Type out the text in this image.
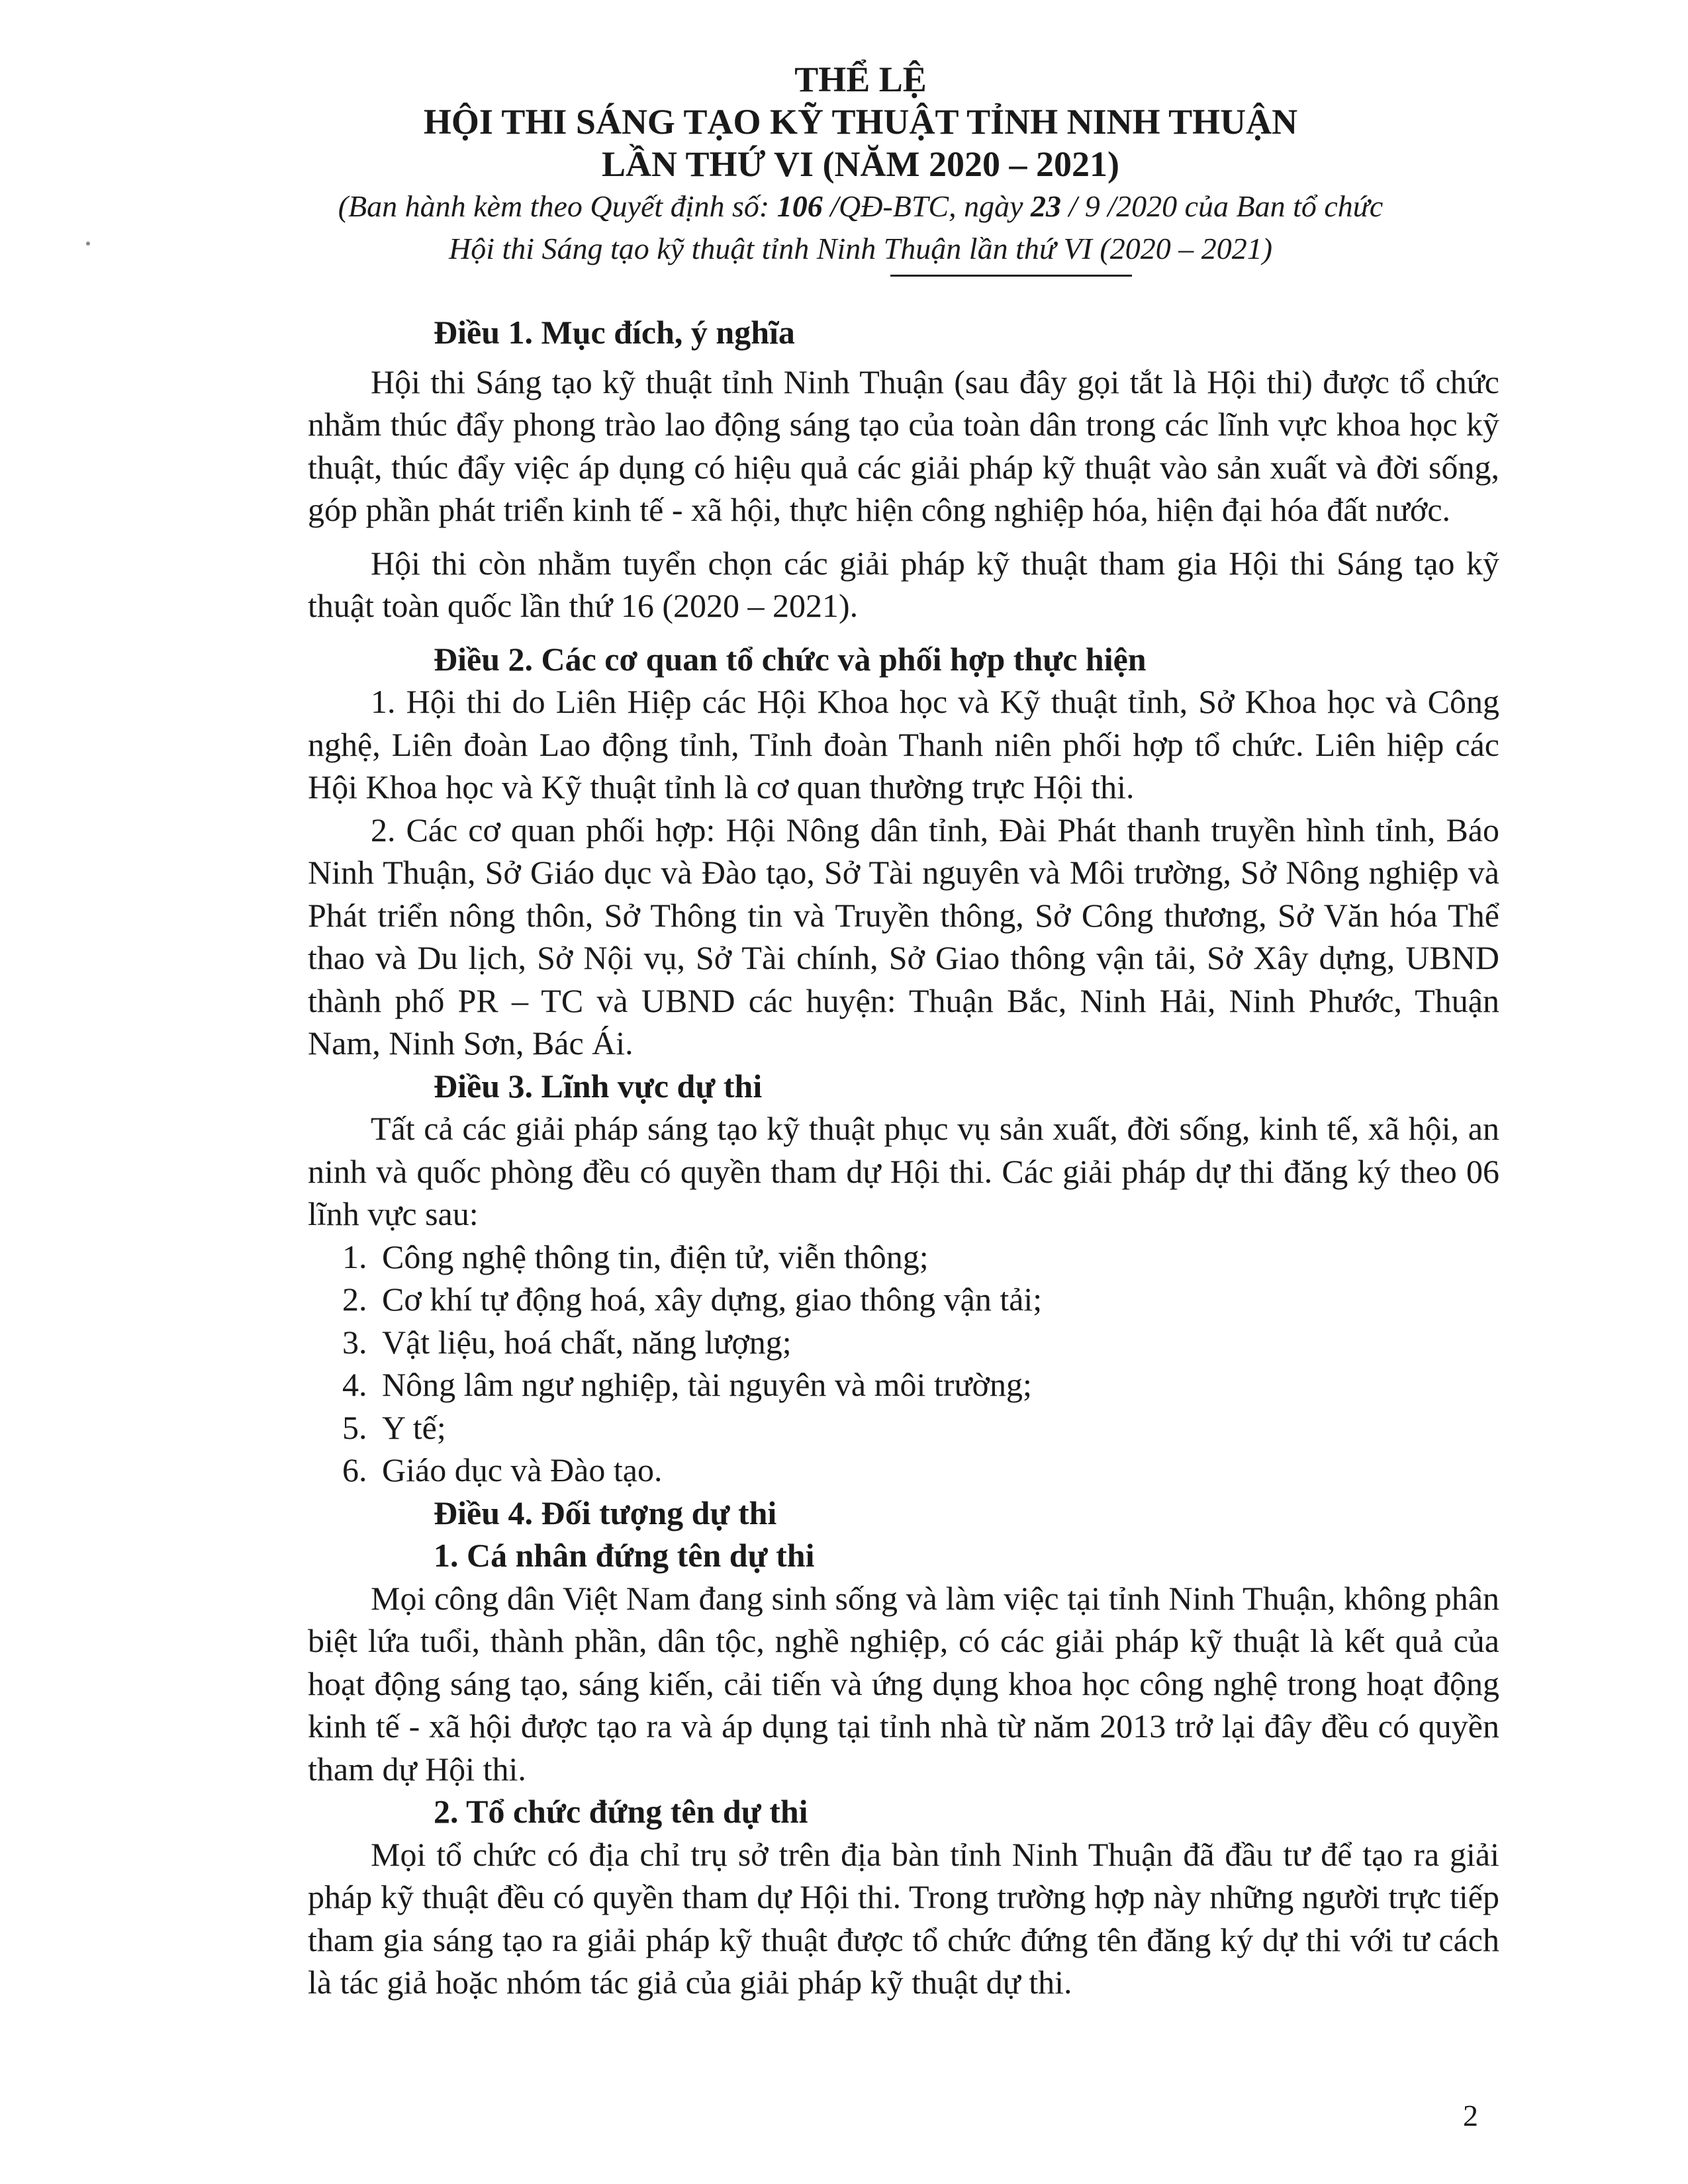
THỂ LỆ

HỘI THI SÁNG TẠO KỸ THUẬT TỈNH NINH THUẬN

LẦN THỨ VI (NĂM 2020 – 2021)

(Ban hành kèm theo Quyết định số: 106 /QĐ-BTC, ngày 23 / 9 /2020 của Ban tổ chức

Hội thi Sáng tạo kỹ thuật tỉnh Ninh Thuận lần thứ VI (2020 – 2021)

Điều 1. Mục đích, ý nghĩa

Hội thi Sáng tạo kỹ thuật tỉnh Ninh Thuận (sau đây gọi tắt là Hội thi) được tổ chức nhằm thúc đẩy phong trào lao động sáng tạo của toàn dân trong các lĩnh vực khoa học kỹ thuật, thúc đẩy việc áp dụng có hiệu quả các giải pháp kỹ thuật vào sản xuất và đời sống, góp phần phát triển kinh tế - xã hội, thực hiện công nghiệp hóa, hiện đại hóa đất nước.

Hội thi còn nhằm tuyển chọn các giải pháp kỹ thuật tham gia Hội thi Sáng tạo kỹ thuật toàn quốc lần thứ 16 (2020 – 2021).

Điều 2. Các cơ quan tổ chức và phối hợp thực hiện

1. Hội thi do Liên Hiệp các Hội Khoa học và Kỹ thuật tỉnh, Sở Khoa học và Công nghệ, Liên đoàn Lao động tỉnh, Tỉnh đoàn Thanh niên phối hợp tổ chức. Liên hiệp các Hội Khoa học và Kỹ thuật tỉnh là cơ quan thường trực Hội thi.

2. Các cơ quan phối hợp: Hội Nông dân tỉnh, Đài Phát thanh truyền hình tỉnh, Báo Ninh Thuận, Sở Giáo dục và Đào tạo, Sở Tài nguyên và Môi trường, Sở Nông nghiệp và Phát triển nông thôn, Sở Thông tin và Truyền thông, Sở Công thương, Sở Văn hóa Thể thao và Du lịch, Sở Nội vụ, Sở Tài chính, Sở Giao thông vận tải, Sở Xây dựng, UBND thành phố PR – TC và UBND các huyện: Thuận Bắc, Ninh Hải, Ninh Phước, Thuận Nam, Ninh Sơn, Bác Ái.

Điều 3. Lĩnh vực dự thi

Tất cả các giải pháp sáng tạo kỹ thuật phục vụ sản xuất, đời sống, kinh tế, xã hội, an ninh và quốc phòng đều có quyền tham dự Hội thi. Các giải pháp dự thi đăng ký theo 06 lĩnh vực sau:

1. Công nghệ thông tin, điện tử, viễn thông;
2. Cơ khí tự động hoá, xây dựng, giao thông vận tải;
3. Vật liệu, hoá chất, năng lượng;
4. Nông lâm ngư nghiệp, tài nguyên và môi trường;
5. Y tế;
6. Giáo dục và Đào tạo.

Điều 4. Đối tượng dự thi

1. Cá nhân đứng tên dự thi

Mọi công dân Việt Nam đang sinh sống và làm việc tại tỉnh Ninh Thuận, không phân biệt lứa tuổi, thành phần, dân tộc, nghề nghiệp, có các giải pháp kỹ thuật là kết quả của hoạt động sáng tạo, sáng kiến, cải tiến và ứng dụng khoa học công nghệ trong hoạt động kinh tế - xã hội được tạo ra và áp dụng tại tỉnh nhà từ năm 2013 trở lại đây đều có quyền tham dự Hội thi.

2. Tổ chức đứng tên dự thi

Mọi tổ chức có địa chỉ trụ sở trên địa bàn tỉnh Ninh Thuận đã đầu tư để tạo ra giải pháp kỹ thuật đều có quyền tham dự Hội thi. Trong trường hợp này những người trực tiếp tham gia sáng tạo ra giải pháp kỹ thuật được tổ chức đứng tên đăng ký dự thi với tư cách là tác giả hoặc nhóm tác giả của giải pháp kỹ thuật dự thi.

2
